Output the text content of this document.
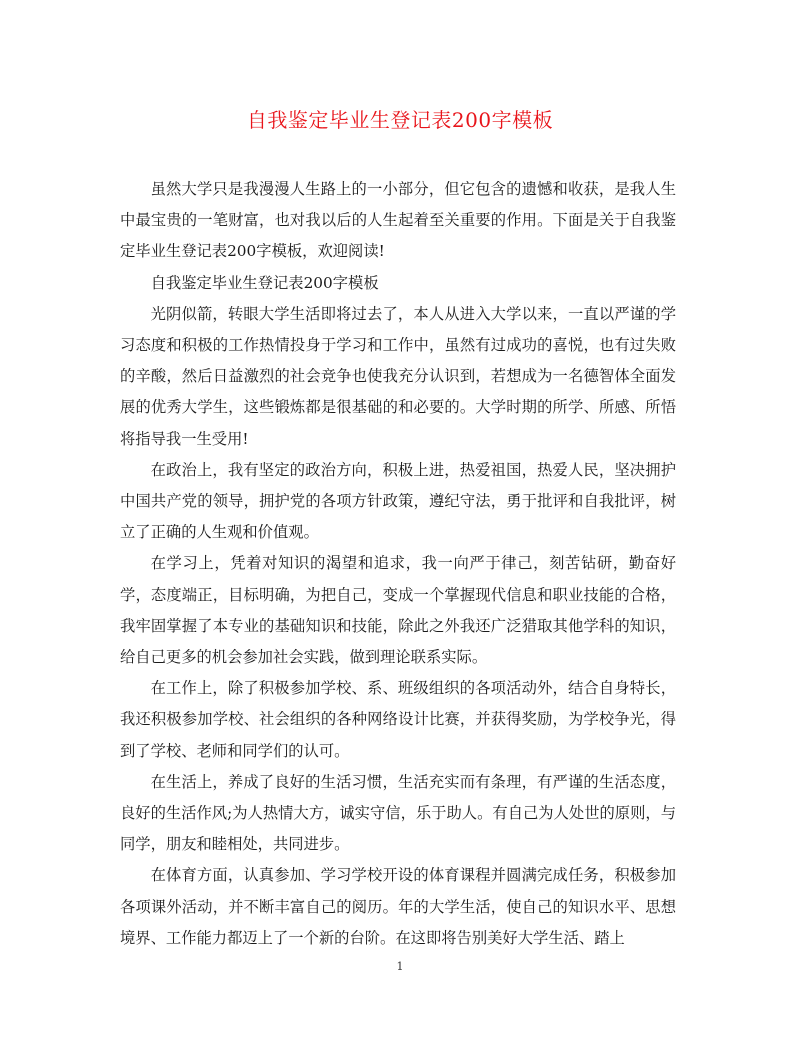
自我鉴定毕业生登记表200字模板

虽然大学只是我漫漫人生路上的一小部分，但它包含的遗憾和收获，是我人生中最宝贵的一笔财富，也对我以后的人生起着至关重要的作用。下面是关于自我鉴定毕业生登记表200字模板，欢迎阅读!

自我鉴定毕业生登记表200字模板

光阴似箭，转眼大学生活即将过去了，本人从进入大学以来，一直以严谨的学习态度和积极的工作热情投身于学习和工作中，虽然有过成功的喜悦，也有过失败的辛酸，然后日益激烈的社会竞争也使我充分认识到，若想成为一名德智体全面发展的优秀大学生，这些锻炼都是很基础的和必要的。大学时期的所学、所感、所悟将指导我一生受用!

在政治上，我有坚定的政治方向，积极上进，热爱祖国，热爱人民，坚决拥护中国共产党的领导，拥护党的各项方针政策，遵纪守法，勇于批评和自我批评，树立了正确的人生观和价值观。

在学习上，凭着对知识的渴望和追求，我一向严于律己，刻苦钻研，勤奋好学，态度端正，目标明确，为把自己，变成一个掌握现代信息和职业技能的合格，我牢固掌握了本专业的基础知识和技能，除此之外我还广泛猎取其他学科的知识，给自己更多的机会参加社会实践，做到理论联系实际。

在工作上，除了积极参加学校、系、班级组织的各项活动外，结合自身特长，我还积极参加学校、社会组织的各种网络设计比赛，并获得奖励，为学校争光，得到了学校、老师和同学们的认可。

在生活上，养成了良好的生活习惯，生活充实而有条理，有严谨的生活态度，良好的生活作风;为人热情大方，诚实守信，乐于助人。有自己为人处世的原则，与同学，朋友和睦相处，共同进步。

在体育方面，认真参加、学习学校开设的体育课程并圆满完成任务，积极参加各项课外活动，并不断丰富自己的阅历。年的大学生活，使自己的知识水平、思想境界、工作能力都迈上了一个新的台阶。在这即将告别美好大学生活、踏上

1
